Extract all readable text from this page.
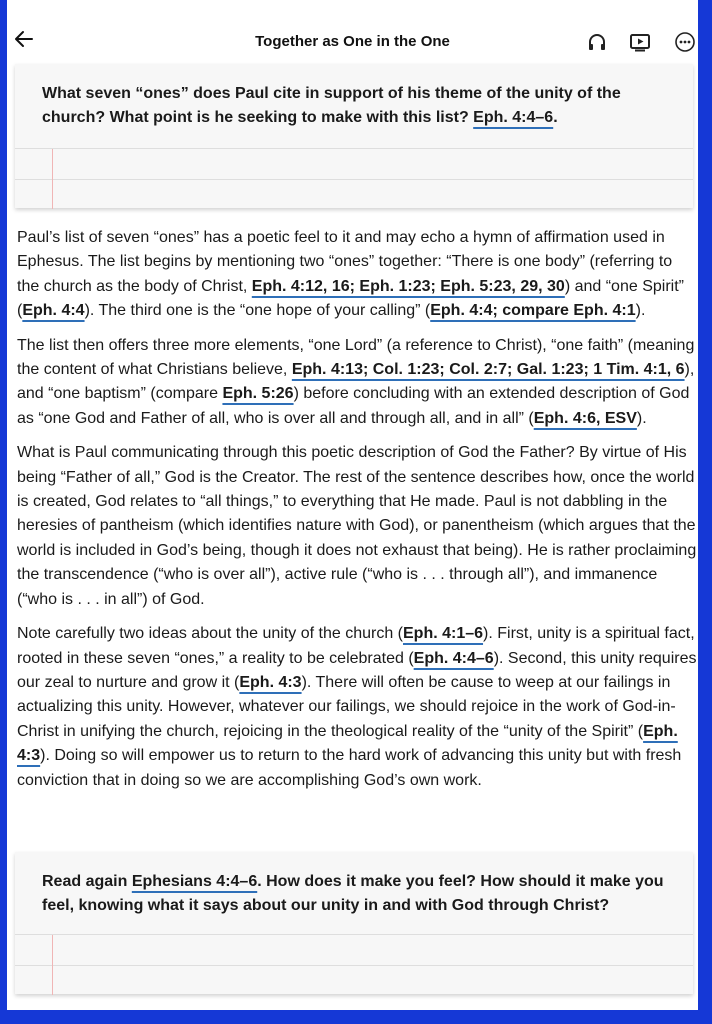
Together as One in the One
What seven “ones” does Paul cite in support of his theme of the unity of the church? What point is he seeking to make with this list? Eph. 4:4–6.

Paul’s list of seven “ones” has a poetic feel to it and may echo a hymn of affirmation used in Ephesus. The list begins by mentioning two “ones” together: “There is one body” (referring to the church as the body of Christ, Eph. 4:12, 16; Eph. 1:23; Eph. 5:23, 29, 30) and “one Spirit” (Eph. 4:4). The third one is the “one hope of your calling” (Eph. 4:4; compare Eph. 4:1).

The list then offers three more elements, “one Lord” (a reference to Christ), “one faith” (meaning the content of what Christians believe, Eph. 4:13; Col. 1:23; Col. 2:7; Gal. 1:23; 1 Tim. 4:1, 6), and “one baptism” (compare Eph. 5:26) before concluding with an extended description of God as “one God and Father of all, who is over all and through all, and in all” (Eph. 4:6, ESV).

What is Paul communicating through this poetic description of God the Father? By virtue of His being “Father of all,” God is the Creator. The rest of the sentence describes how, once the world is created, God relates to “all things,” to everything that He made. Paul is not dabbling in the heresies of pantheism (which identifies nature with God), or panentheism (which argues that the world is included in God’s being, though it does not exhaust that being). He is rather proclaiming the transcendence (“who is over all”), active rule (“who is . . . through all”), and immanence (“who is . . . in all”) of God.

Note carefully two ideas about the unity of the church (Eph. 4:1–6). First, unity is a spiritual fact, rooted in these seven “ones,” a reality to be celebrated (Eph. 4:4–6). Second, this unity requires our zeal to nurture and grow it (Eph. 4:3). There will often be cause to weep at our failings in actualizing this unity. However, whatever our failings, we should rejoice in the work of God-in-Christ in unifying the church, rejoicing in the theological reality of the “unity of the Spirit” (Eph. 4:3). Doing so will empower us to return to the hard work of advancing this unity but with fresh conviction that in doing so we are accomplishing God’s own work.

Read again Ephesians 4:4–6. How does it make you feel? How should it make you feel, knowing what it says about our unity in and with God through Christ?
